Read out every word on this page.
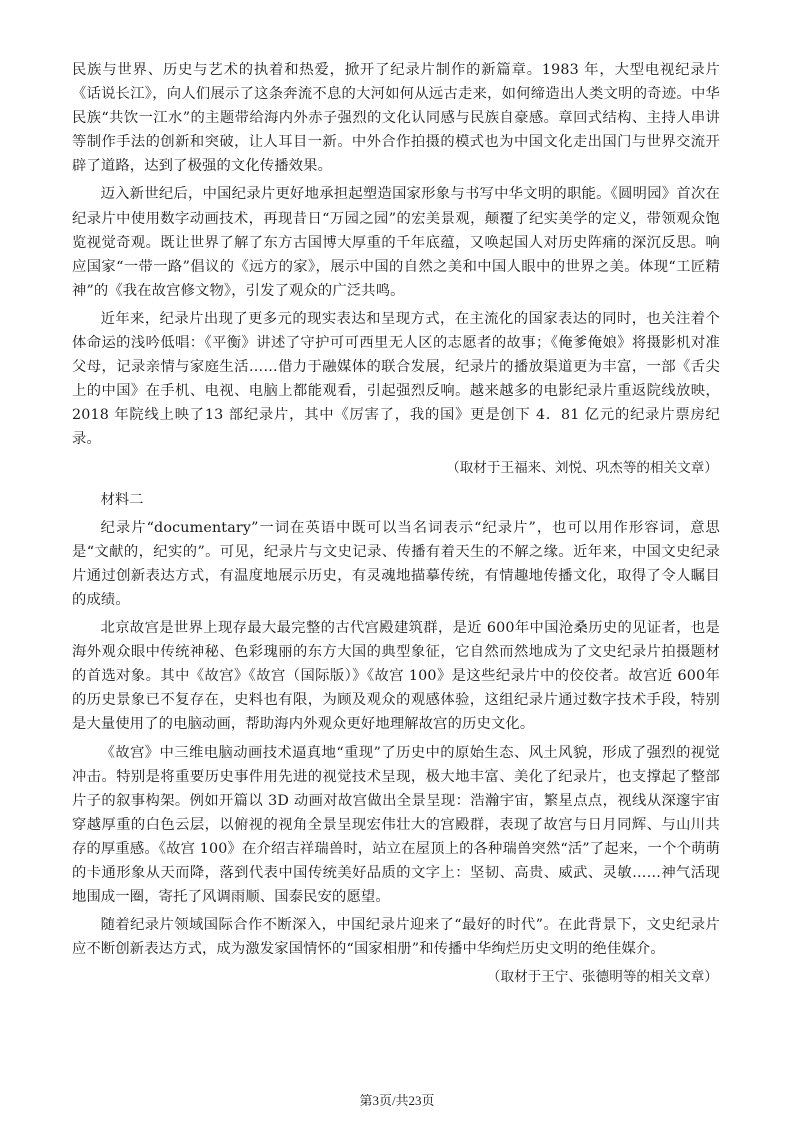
民族与世界、历史与艺术的执着和热爱，掀开了纪录片制作的新篇章。1983 年，大型电视纪录片《话说长江》，向人们展示了这条奔流不息的大河如何从远古走来，如何缔造出人类文明的奇迹。中华民族“共饮一江水”的主题带给海内外赤子强烈的文化认同感与民族自豪感。章回式结构、主持人串讲等制作手法的创新和突破，让人耳目一新。中外合作拍摄的模式也为中国文化走出国门与世界交流开辟了道路，达到了极强的文化传播效果。

迈入新世纪后，中国纪录片更好地承担起塑造国家形象与书写中华文明的职能。《圆明园》首次在纪录片中使用数字动画技术，再现昔日“万园之园”的宏美景观，颠覆了纪实美学的定义，带领观众饱览视觉奇观。既让世界了解了东方古国博大厚重的千年底蕴，又唤起国人对历史阵痛的深沉反思。响应国家“一带一路”倡议的《远方的家》，展示中国的自然之美和中国人眼中的世界之美。体现“工匠精神”的《我在故宫修文物》，引发了观众的广泛共鸣。

近年来，纪录片出现了更多元的现实表达和呈现方式，在主流化的国家表达的同时，也关注着个体命运的浅吟低唱：《平衡》讲述了守护可可西里无人区的志愿者的故事；《俺爹俺娘》将摄影机对准父母，记录亲情与家庭生活……借力于融媒体的联合发展，纪录片的播放渠道更为丰富，一部《舌尖上的中国》在手机、电视、电脑上都能观看，引起强烈反响。越来越多的电影纪录片重返院线放映，2018 年院线上映了13 部纪录片，其中《厉害了，我的国》更是创下 4．81 亿元的纪录片票房纪录。

（取材于王福来、刘悦、巩杰等的相关文章）

材料二

纪录片“documentary”一词在英语中既可以当名词表示“纪录片”，也可以用作形容词，意思是“文献的，纪实的”。可见，纪录片与文史记录、传播有着天生的不解之缘。近年来，中国文史纪录片通过创新表达方式，有温度地展示历史，有灵魂地描摹传统，有情趣地传播文化，取得了令人瞩目的成绩。

北京故宫是世界上现存最大最完整的古代宫殿建筑群，是近 600年中国沧桑历史的见证者，也是海外观众眼中传统神秘、色彩瑰丽的东方大国的典型象征，它自然而然地成为了文史纪录片拍摄题材的首选对象。其中《故宫》《故宫（国际版）》《故宫 100》是这些纪录片中的佼佼者。故宫近 600年的历史景象已不复存在，史料也有限，为顾及观众的观感体验，这组纪录片通过数字技术手段，特别是大量使用了的电脑动画，帮助海内外观众更好地理解故宫的历史文化。

《故宫》中三维电脑动画技术逼真地“重现”了历史中的原始生态、风土风貌，形成了强烈的视觉冲击。特别是将重要历史事件用先进的视觉技术呈现，极大地丰富、美化了纪录片，也支撑起了整部片子的叙事构架。例如开篇以 3D 动画对故宫做出全景呈现：浩瀚宇宙，繁星点点，视线从深邃宇宙穿越厚重的白色云层，以俯视的视角全景呈现宏伟壮大的宫殿群，表现了故宫与日月同辉、与山川共存的厚重感。《故宫 100》在介绍吉祥瑞兽时，站立在屋顶上的各种瑞兽突然“活”了起来，一个个萌萌的卡通形象从天而降，落到代表中国传统美好品质的文字上：坚韧、高贵、威武、灵敏……神气活现地围成一圈，寄托了风调雨顺、国泰民安的愿望。

随着纪录片领域国际合作不断深入，中国纪录片迎来了“最好的时代”。在此背景下，文史纪录片应不断创新表达方式，成为激发家国情怀的“国家相册”和传播中华绚烂历史文明的绝佳媒介。

（取材于王宁、张德明等的相关文章）

第3页/共23页
